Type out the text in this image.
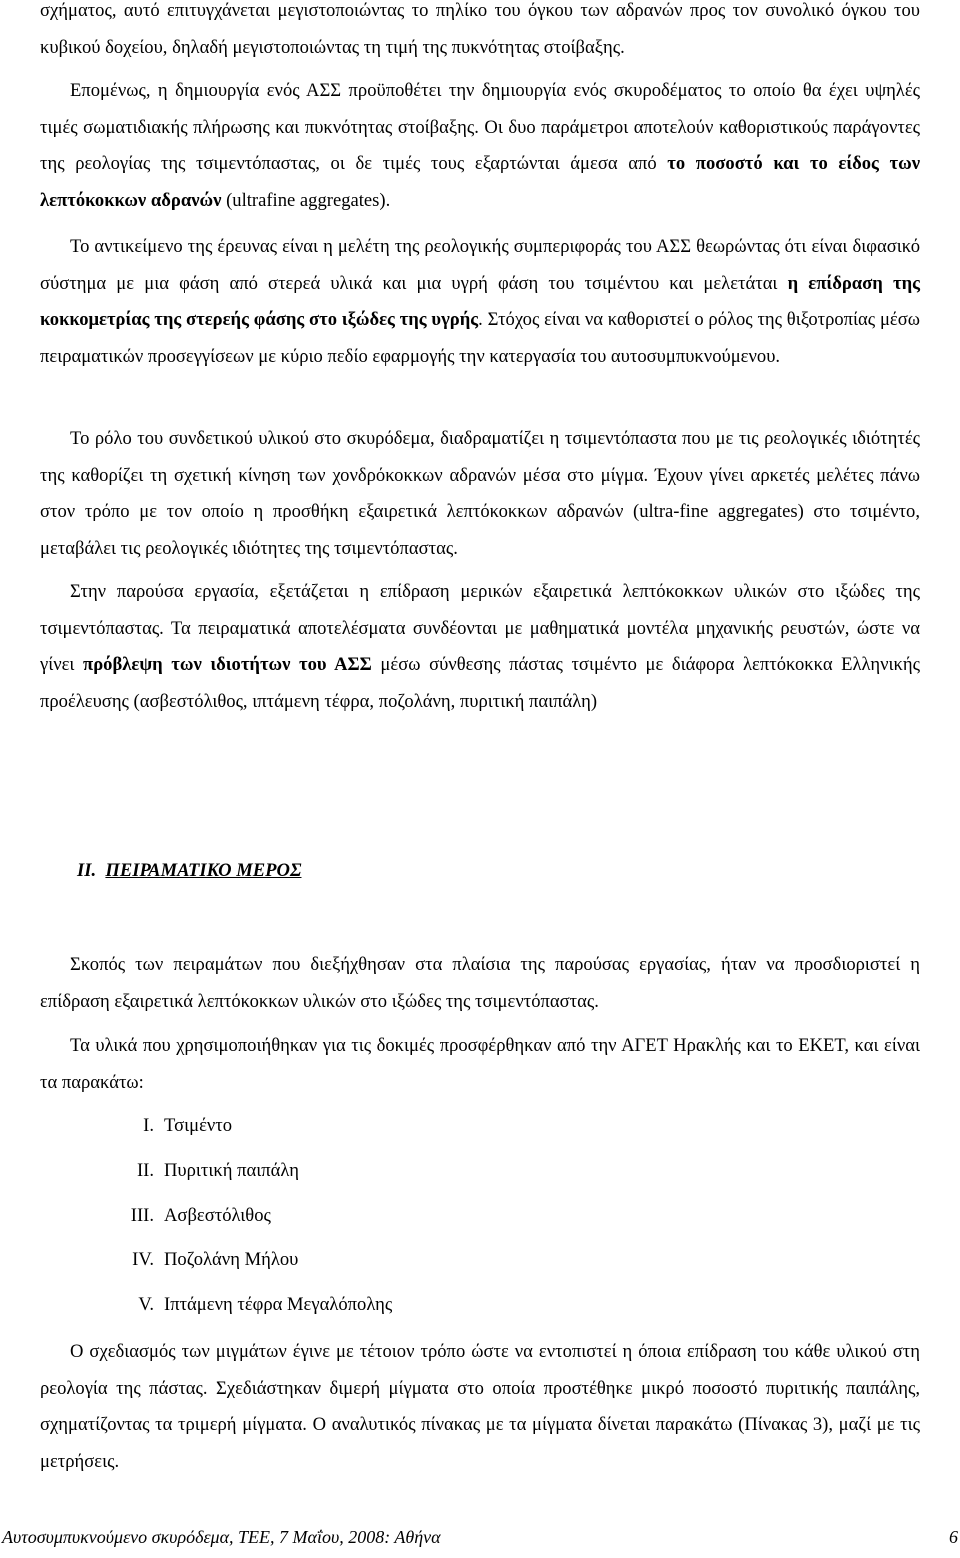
σχήματος, αυτό επιτυγχάνεται μεγιστοποιώντας το πηλίκο του όγκου των αδρανών προς τον συνολικό όγκου του κυβικού δοχείου, δηλαδή μεγιστοποιώντας τη τιμή της πυκνότητας στοίβαξης.

Επομένως, η δημιουργία ενός ΑΣΣ προϋποθέτει την δημιουργία ενός σκυροδέματος το οποίο θα έχει υψηλές τιμές σωματιδιακής πλήρωσης και πυκνότητας στοίβαξης. Οι δυο παράμετροι αποτελούν καθοριστικούς παράγοντες της ρεολογίας της τσιμεντόπαστας, οι δε τιμές τους εξαρτώνται άμεσα από το ποσοστό και το είδος των λεπτόκοκκων αδρανών (ultrafine aggregates).

Το αντικείμενο της έρευνας είναι η μελέτη της ρεολογικής συμπεριφοράς του ΑΣΣ θεωρώντας ότι είναι διφασικό σύστημα με μια φάση από στερεά υλικά και μια υγρή φάση του τσιμέντου και μελετάται η επίδραση της κοκκομετρίας της στερεής φάσης στο ιξώδες της υγρής. Στόχος είναι να καθοριστεί ο ρόλος της θιξοτροπίας μέσω πειραματικών προσεγγίσεων με κύριο πεδίο εφαρμογής την κατεργασία του αυτοσυμπυκνούμενου.

Το ρόλο του συνδετικού υλικού στο σκυρόδεμα, διαδραματίζει η τσιμεντόπαστα που με τις ρεολογικές ιδιότητές της καθορίζει τη σχετική κίνηση των χονδρόκοκκων αδρανών μέσα στο μίγμα. Έχουν γίνει αρκετές μελέτες πάνω στον τρόπο με τον οποίο η προσθήκη εξαιρετικά λεπτόκοκκων αδρανών (ultra-fine aggregates) στο τσιμέντο, μεταβάλει τις ρεολογικές ιδιότητες της τσιμεντόπαστας.

Στην παρούσα εργασία, εξετάζεται η επίδραση μερικών εξαιρετικά λεπτόκοκκων υλικών στο ιξώδες της τσιμεντόπαστας. Τα πειραματικά αποτελέσματα συνδέονται με μαθηματικά μοντέλα μηχανικής ρευστών, ώστε να γίνει πρόβλεψη των ιδιοτήτων του ΑΣΣ μέσω σύνθεσης πάστας τσιμέντο με διάφορα λεπτόκοκκα Ελληνικής προέλευσης (ασβεστόλιθος, ιπτάμενη τέφρα, ποζολάνη, πυριτική παιπάλη)

Σκοπός των πειραμάτων που διεξήχθησαν στα πλαίσια της παρούσας εργασίας, ήταν να προσδιοριστεί η επίδραση εξαιρετικά λεπτόκοκκων υλικών στο ιξώδες της τσιμεντόπαστας.

Τα υλικά που χρησιμοποιήθηκαν για τις δοκιμές προσφέρθηκαν από την ΑΓΕΤ Ηρακλής και το ΕΚΕΤ, και είναι τα παρακάτω:

Ο σχεδιασμός των μιγμάτων έγινε με τέτοιον τρόπο ώστε να εντοπιστεί η όποια επίδραση του κάθε υλικού στη ρεολογία της πάστας. Σχεδιάστηκαν διμερή μίγματα στο οποία προστέθηκε μικρό ποσοστό πυριτικής παιπάλης, σχηματίζοντας τα τριμερή μίγματα. Ο αναλυτικός πίνακας με τα μίγματα δίνεται παρακάτω (Πίνακας 3), μαζί με τις μετρήσεις.

II. ΠΕΙΡΑΜΑΤΙΚΟ ΜΕΡΟΣ
I. Τσιμέντο
II. Πυριτική παιπάλη
III. Ασβεστόλιθος
IV. Ποζολάνη Μήλου
V. Ιπτάμενη τέφρα Μεγαλόπολης
Αυτοσυμπυκνούμενο σκυρόδεμα, ΤΕΕ, 7 Μαΐου, 2008: Αθήνα	6
